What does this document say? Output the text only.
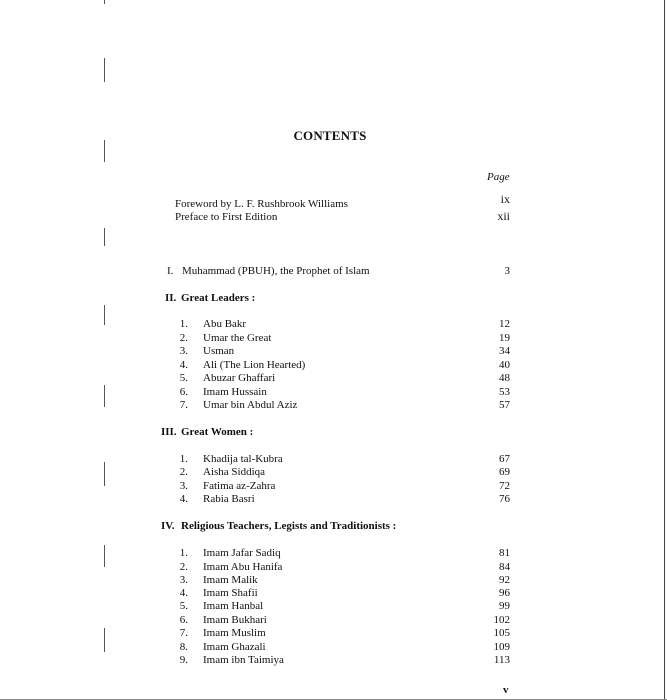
CONTENTS
Page
Foreword by L. F. Rushbrook Williams	ix
Preface to First Edition	xii
I. Muhammad (PBUH), the Prophet of Islam	3
II. Great Leaders :
1. Abu Bakr	12
2. Umar the Great	19
3. Usman	34
4. Ali (The Lion Hearted)	40
5. Abuzar Ghaffari	48
6. Imam Hussain	53
7. Umar bin Abdul Aziz	57
III. Great Women :
1. Khadija tal-Kubra	67
2. Aisha Siddiqa	69
3. Fatima az-Zahra	72
4. Rabia Basri	76
IV. Religious Teachers, Legists and Traditionists :
1. Imam Jafar Sadiq	81
2. Imam Abu Hanifa	84
3. Imam Malik	92
4. Imam Shafii	96
5. Imam Hanbal	99
6. Imam Bukhari	102
7. Imam Muslim	105
8. Imam Ghazali	109
9. Imam ibn Taimiya	113
v
